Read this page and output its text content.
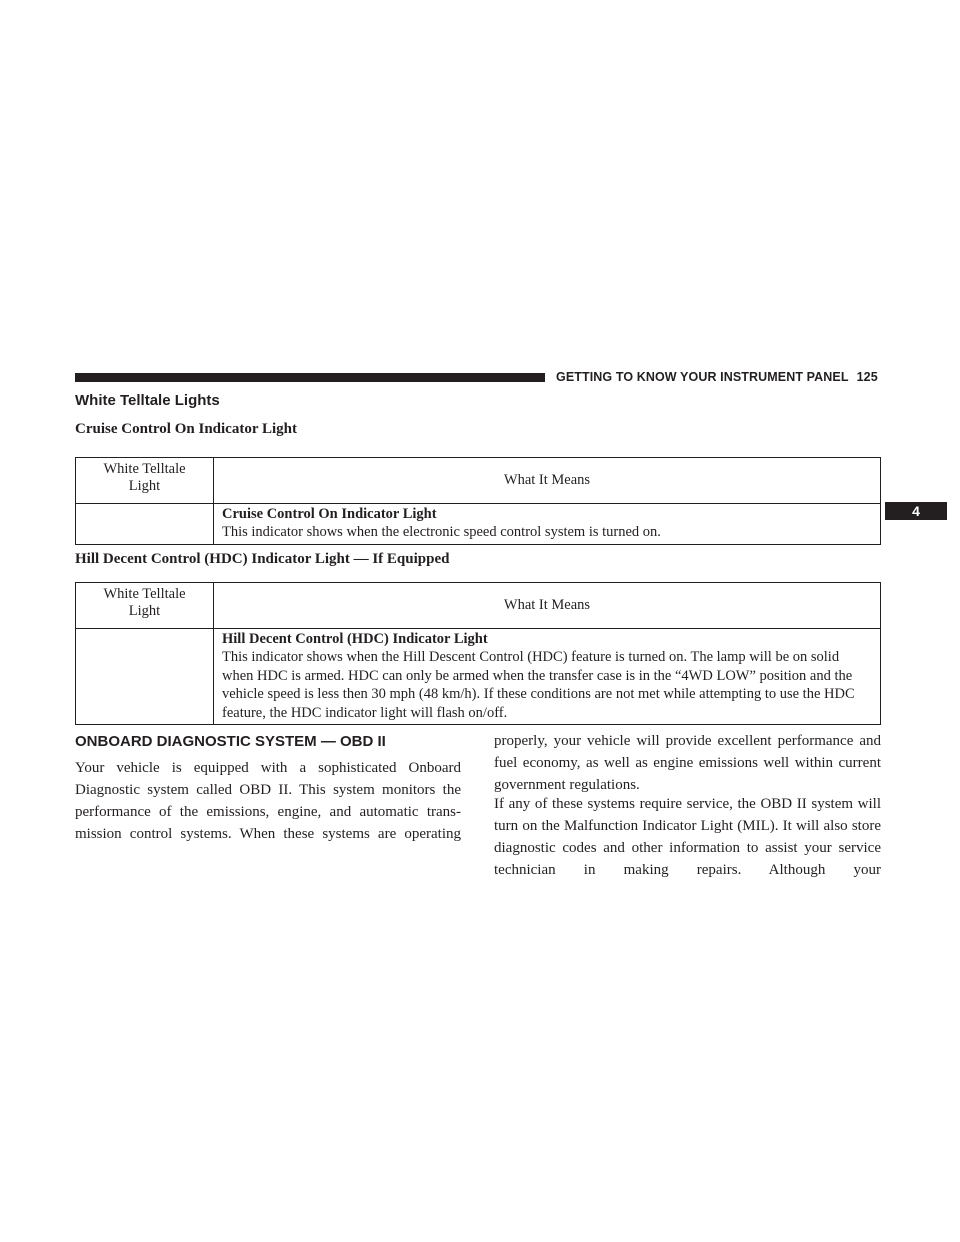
GETTING TO KNOW YOUR INSTRUMENT PANEL 125
4
White Telltale Lights
Cruise Control On Indicator Light
White Telltale
Light	What It Means

	Cruise Control On Indicator Light
This indicator shows when the electronic speed control system is turned on.
Hill Decent Control (HDC) Indicator Light — If Equipped
White Telltale
Light	What It Means

	Hill Decent Control (HDC) Indicator Light
This indicator shows when the Hill Descent Control (HDC) feature is turned on. The lamp will be on solid when HDC is armed. HDC can only be armed when the transfer case is in the “4WD LOW” position and the vehicle speed is less then 30 mph (48 km/h). If these conditions are not met while attempting to use the HDC feature, the HDC indicator light will flash on/off.
ONBOARD DIAGNOSTIC SYSTEM — OBD II

Your vehicle is equipped with a sophisticated Onboard Diagnostic system called OBD II. This system monitors the performance of the emissions, engine, and automatic trans- mission control systems. When these systems are operating

properly, your vehicle will provide excellent performance and fuel economy, as well as engine emissions well within current government regulations.

If any of these systems require service, the OBD II system will turn on the Malfunction Indicator Light (MIL). It will also store diagnostic codes and other information to assist your service technician in making repairs. Although your
